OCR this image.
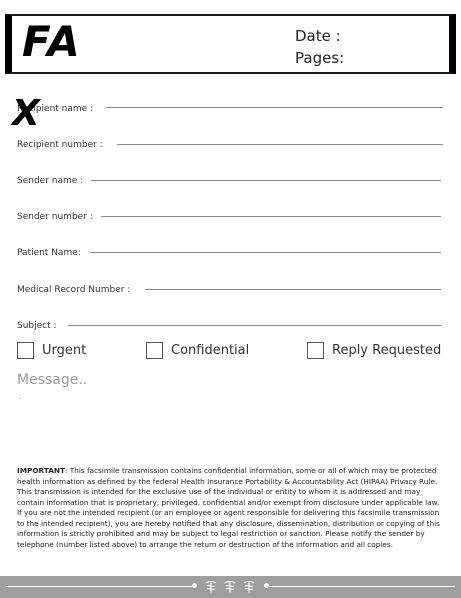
FA	Date :
Pages:
Recipient name :
X
Recipient number :
Sender name :
Sender number :
Patient Name:
Medical Record Number :
Subject :
Urgent	Confidential	Reply Requested
Message..
.
IMPORTANT: This facsimile transmission contains confidential information, some or all of which may be protected health information as defined by the federal Health Insurance Portability & Accountability Act (HIPAA) Privacy Rule. This transmission is intended for the exclusive use of the individual or entity to whom it is addressed and may contain information that is proprietary, privileged, confidential and/or exempt from disclosure under applicable law. If you are not the intended recipient (or an employee or agent responsible for delivering this facsimile transmission to the intended recipient), you are hereby notified that any disclosure, dissemination, distribution or copying of this information is strictly prohibited and may be subject to legal restriction or sanction. Please notify the sender by telephone (number listed above) to arrange the return or destruction of the information and all copies.
